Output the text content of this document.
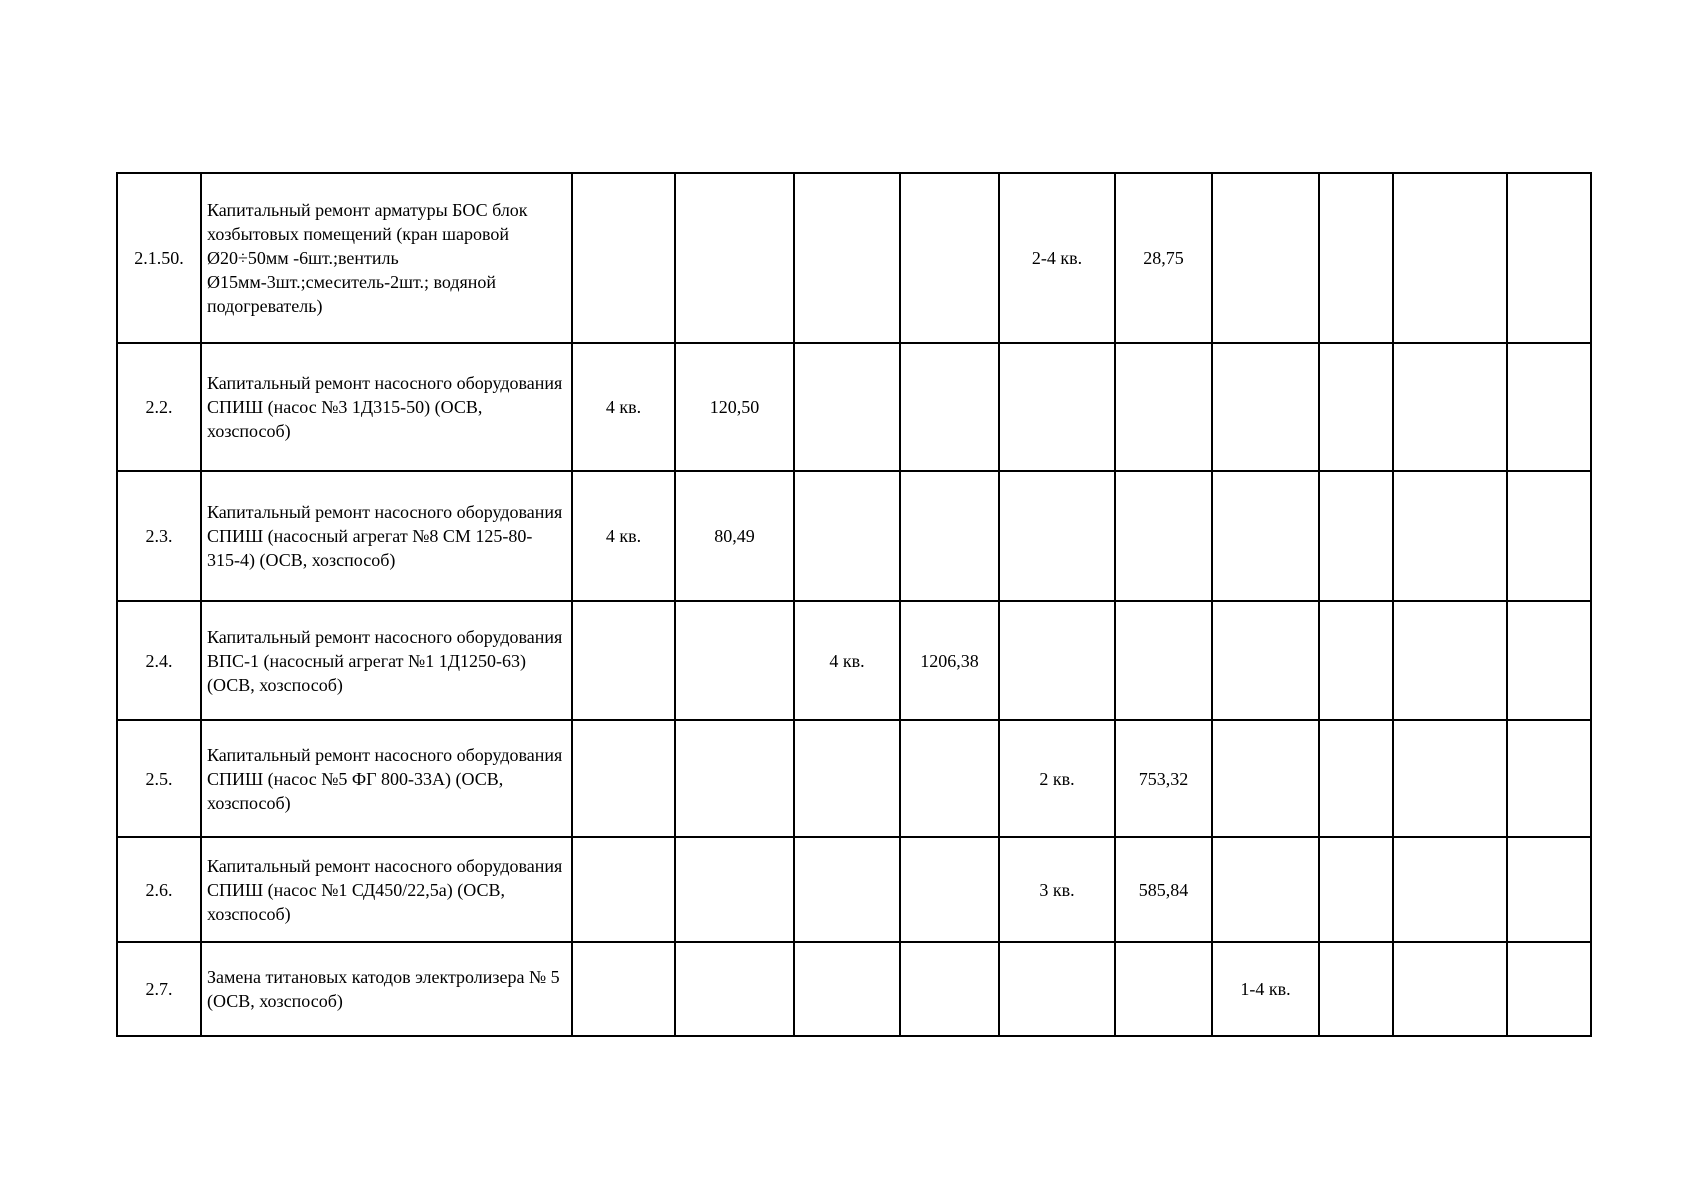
2.1.50.	Капитальный ремонт арматуры БОС блок хозбытовых помещений (кран шаровой Ø20÷50мм -6шт.;вентиль Ø15мм-3шт.;смеситель-2шт.; водяной подогреватель)					2-4 кв.	28,75				
2.2.	Капитальный ремонт насосного оборудования СПИШ (насос №3 1Д315-50) (ОСВ, хозспособ)	4 кв.	120,50								
2.3.	Капитальный ремонт насосного оборудования СПИШ (насосный агрегат №8 СМ 125-80-315-4) (ОСВ, хозспособ)	4 кв.	80,49								
2.4.	Капитальный ремонт насосного оборудования ВПС-1 (насосный агрегат №1 1Д1250-63) (ОСВ, хозспособ)			4 кв.	1206,38						
2.5.	Капитальный ремонт насосного оборудования СПИШ (насос №5 ФГ 800-33А) (ОСВ, хозспособ)					2 кв.	753,32				
2.6.	Капитальный ремонт насосного оборудования СПИШ (насос №1 СД450/22,5а) (ОСВ, хозспособ)					3 кв.	585,84				
2.7.	Замена титановых катодов электролизера № 5 (ОСВ, хозспособ)							1-4 кв.			
